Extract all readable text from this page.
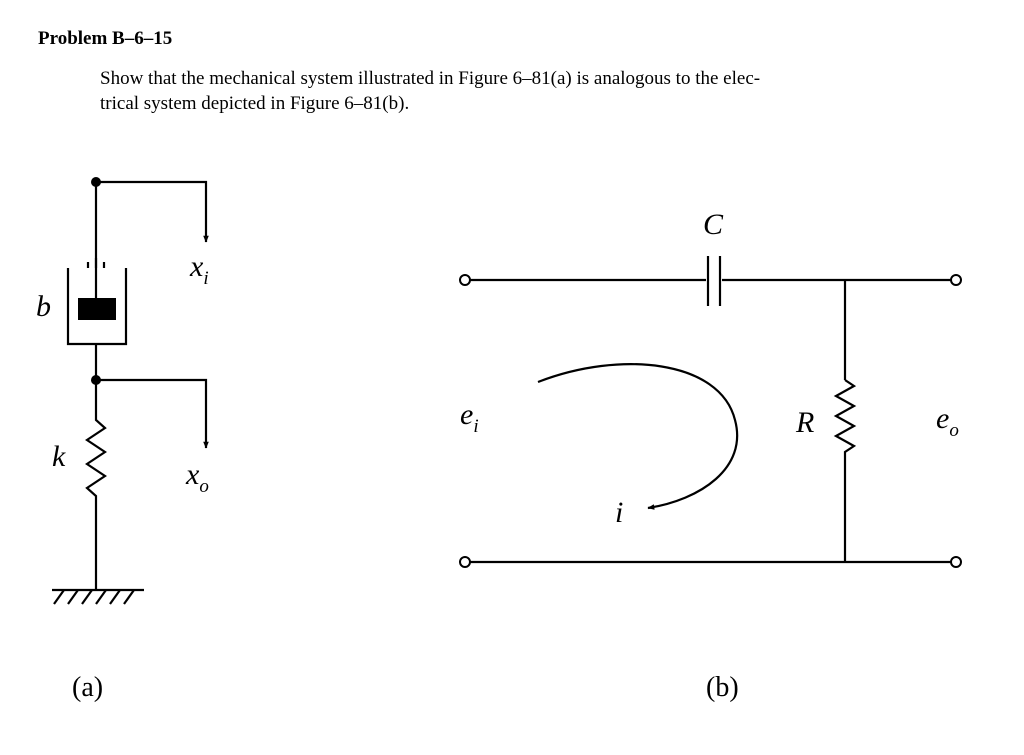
Problem B–6–15
Show that the mechanical system illustrated in Figure 6–81(a) is analogous to the elec-
trical system depicted in Figure 6–81(b).
b
k
xi
xo
(a)
C
R
i
ei	eo
(b)
